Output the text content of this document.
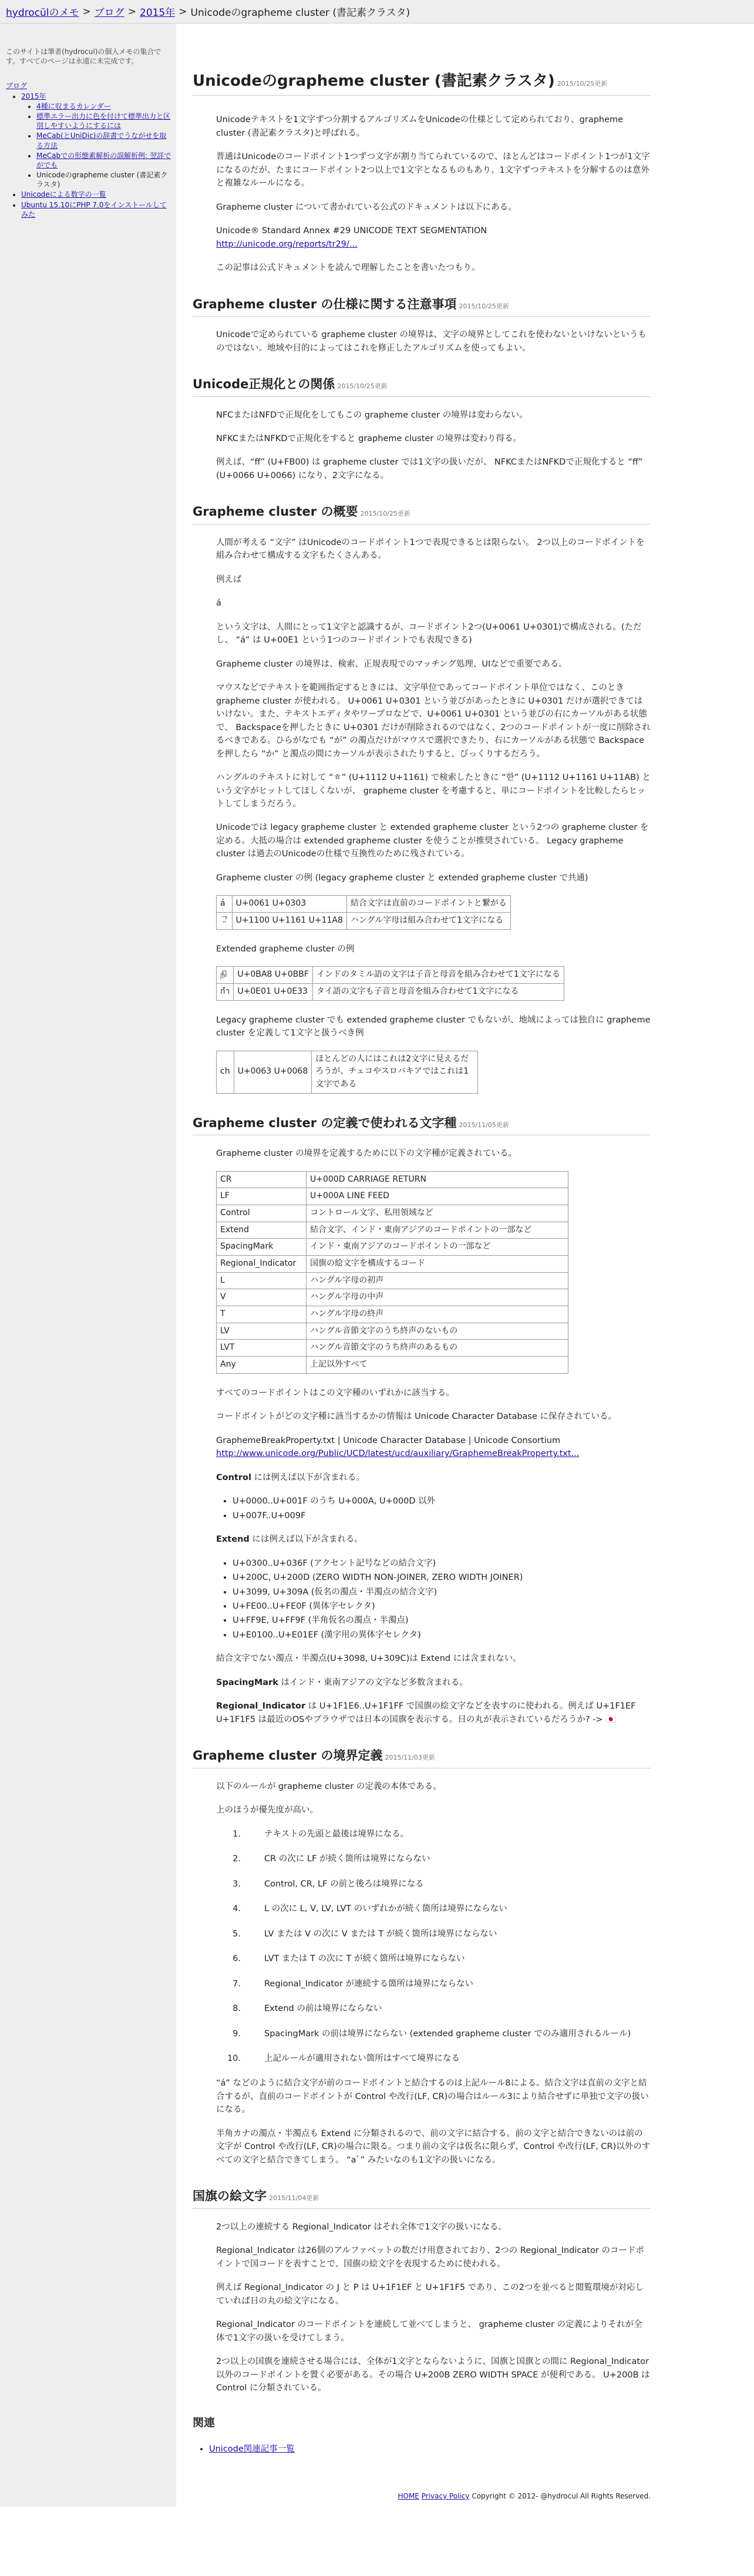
hydrocülのメモ > ブログ > 2015年 > Unicodeのgrapheme cluster (書記素クラスタ)

このサイトは筆者(hydrocul)の個人メモの集合です。すべてのページは永遠に未完成です。

ブログ
• 2015年
• 4種に収まるカレンダー
• 標準エラー出力に色を付けて標準出力と区別しやすいようにするには
• MeCab(とUniDic)の辞書でうながせを取る方法
• MeCabでの形態素解析の誤解析例: 翌詳でがでも
• Unicodeのgrapheme cluster (書記素クラスタ)
• Unicodeによる数字の一覧
• Ubuntu 15.10にPHP 7.0をインストールしてみた
Unicodeのgrapheme cluster (書記素クラスタ) 2015/10/25更新

Unicodeテキストを1文字ずつ分割するアルゴリズムをUnicodeの仕様として定められており、grapheme cluster (書記素クラスタ)と呼ばれる。

普通はUnicodeのコードポイント1つずつ文字が割り当てられているので、ほとんどはコードポイント1つが1文字になるのだが、たまにコードポイント2つ以上で1文字となるものもあり、1文字ずつテキストを分解するのは意外と複雑なルールになる。

Grapheme cluster について書かれている公式のドキュメントは以下にある。

Unicode® Standard Annex #29 UNICODE TEXT SEGMENTATION
http://unicode.org/reports/tr29/...

この記事は公式ドキュメントを読んで理解したことを書いたつもり。

Grapheme cluster の仕様に関する注意事項 2015/10/25更新

Unicodeで定められている grapheme cluster の境界は、文字の境界としてこれを使わないといけないというものではない。地域や目的によってはこれを修正したアルゴリズムを使ってもよい。

Unicode正規化との関係 2015/10/25更新

NFCまたはNFDで正規化をしてもこの grapheme cluster の境界は変わらない。

NFKCまたはNFKDで正規化をすると grapheme cluster の境界は変わり得る。

例えば、“ﬀ” (U+FB00) は grapheme cluster では1文字の扱いだが、 NFKCまたはNFKDで正規化すると “ff” (U+0066 U+0066) になり、2文字になる。

Grapheme cluster の概要 2015/10/25更新

人間が考える “文字” はUnicodeのコードポイント1つで表現できるとは限らない。 2つ以上のコードポイントを組み合わせて構成する文字もたくさんある。

例えば

á

という文字は、人間にとって1文字と認識するが、コードポイント2つ(U+0061 U+0301)で構成される。(ただし、 “á” は U+00E1 という1つのコードポイントでも表現できる)

Grapheme cluster の境界は、検索、正規表現でのマッチング処理、UIなどで重要である。

マウスなどでテキストを範囲指定するときには、文字単位であってコードポイント単位ではなく、このときgrapheme cluster が使われる。 U+0061 U+0301 という並びがあったときに U+0301 だけが選択できてはいけない。また、テキストエディタやワープロなどで、U+0061 U+0301 という並びの右にカーソルがある状態で、 Backspaceを押したときに U+0301 だけが削除されるのではなく、2つのコードポイントが一度に削除されるべきである。ひらがなでも “が” の濁点だけがマウスで選択できたり、右にカーソルがある状態で Backspaceを押したら “か” と濁点の間にカーソルが表示されたりすると、びっくりするだろう。

ハングルのテキストに対して “ㅎ” (U+1112 U+1161) で検索したときに “한” (U+1112 U+1161 U+11AB) という文字がヒットしてほしくないが、 grapheme cluster を考慮すると、単にコードポイントを比較したらヒットしてしまうだろう。

Unicodeでは legacy grapheme cluster と extended grapheme cluster という2つの grapheme cluster を定める。大抵の場合は extended grapheme cluster を使うことが推奨されている。 Legacy grapheme cluster は過去のUnicodeの仕様で互換性のために残されている。

Grapheme cluster の例 (legacy grapheme cluster と extended grapheme cluster で共通)

á	U+0061 U+0303	結合文字は直前のコードポイントと繋がる
ᄀᆢ	U+1100 U+1161 U+11A8	ハングル字母は組み合わせて1文字になる

Extended grapheme cluster の例

நி	U+0BA8 U+0BBF	インドのタミル語の文字は子音と母音を組み合わせて1文字になる
กำ	U+0E01 U+0E33	タイ語の文字も子音と母音を組み合わせて1文字になる

Legacy grapheme cluster でも extended grapheme cluster でもないが、地域によっては独自に grapheme cluster を定義して1文字と扱うべき例

ch	U+0063 U+0068	ほとんどの人にはこれは2文字に見えるだろうが、チェコやスロバキアではこれは1文字である
Grapheme cluster の定義で使われる文字種 2015/11/05更新

Grapheme cluster の境界を定義するために以下の文字種が定義されている。

CR	U+000D CARRIAGE RETURN
LF	U+000A LINE FEED
Control	コントロール文字、私用領域など
Extend	結合文字、インド・東南アジアのコードポイントの一部など
SpacingMark	インド・東南アジアのコードポイントの一部など
Regional_Indicator	国旗の絵文字を構成するコード
L	ハングル字母の初声
V	ハングル字母の中声
T	ハングル字母の終声
LV	ハングル音節文字のうち終声のないもの
LVT	ハングル音節文字のうち終声のあるもの
Any	上記以外すべて

すべてのコードポイントはこの文字種のいずれかに該当する。

コードポイントがどの文字種に該当するかの情報は Unicode Character Database に保存されている。

GraphemeBreakProperty.txt | Unicode Character Database | Unicode Consortium
http://www.unicode.org/Public/UCD/latest/ucd/auxiliary/GraphemeBreakProperty.txt...

Control には例えば以下が含まれる。

• U+0000..U+001F のうち U+000A, U+000D 以外
• U+007F..U+009F

Extend には例えば以下が含まれる。

• U+0300..U+036F (アクセント記号などの結合文字)
• U+200C, U+200D (ZERO WIDTH NON-JOINER, ZERO WIDTH JOINER)
• U+3099, U+309A (仮名の濁点・半濁点の結合文字)
• U+FE00..U+FE0F (異体字セレクタ)
• U+FF9E, U+FF9F (半角仮名の濁点・半濁点)
• U+E0100..U+E01EF (漢字用の異体字セレクタ)

結合文字でない濁点・半濁点(U+3098, U+309C)は Extend には含まれない。

SpacingMark はインド・東南アジアの文字など多数含まれる。

Regional_Indicator は U+1F1E6..U+1F1FF で国旗の絵文字などを表すのに使われる。例えば U+1F1EF U+1F1F5 は最近のOSやブラウザでは日本の国旗を表示する。日の丸が表示されているだろうか? -> 🇯🇵

Grapheme cluster の境界定義 2015/11/03更新

以下のルールが grapheme cluster の定義の本体である。

上のほうが優先度が高い。

1.	テキストの先頭と最後は境界になる。
2.	CR の次に LF が続く箇所は境界にならない
3.	Control, CR, LF の前と後ろは境界になる
4.	L の次に L, V, LV, LVT のいずれかが続く箇所は境界にならない
5.	LV または V の次に V または T が続く箇所は境界にならない
6.	LVT または T の次に T が続く箇所は境界にならない
7.	Regional_Indicator が連続する箇所は境界にならない
8.	Extend の前は境界にならない
9.	SpacingMark の前は境界にならない (extended grapheme cluster でのみ適用されるルール)
10.	上記ルールが適用されない箇所はすべて境界になる

“á” などのように結合文字が前のコードポイントと結合するのは上記ルール8による。結合文字は直前の文字と結合するが、直前のコードポイントが Control や改行(LF, CR)の場合はルール3により結合せずに単独で文字の扱いになる。

半角カナの濁点・半濁点も Extend に分類されるので、前の文字に結合する。前の文字と結合できないのは前の文字が Control や改行(LF, CR)の場合に限る。つまり前の文字は仮名に限らず、Control や改行(LF, CR)以外のすべての文字と結合できてしまう。 “aﾞ” みたいなのも1文字の扱いになる。

国旗の絵文字 2015/11/04更新

2つ以上の連続する Regional_Indicator はそれ全体で1文字の扱いになる。

Regional_Indicator は26個のアルファベットの数だけ用意されており、2つの Regional_Indicator のコードポイントで国コードを表すことで、国旗の絵文字を表現するために使われる。

例えば Regional_Indicator の J と P は U+1F1EF と U+1F1F5 であり、この2つを並べると閲覧環境が対応していれば日の丸の絵文字になる。

Regional_Indicator のコードポイントを連続して並べてしまうと、 grapheme cluster の定義によりそれが全体で1文字の扱いを受けてしまう。

2つ以上の国旗を連続させる場合には、全体が1文字とならないように、国旗と国旗との間に Regional_Indicator 以外のコードポイントを置く必要がある。その場合 U+200B ZERO WIDTH SPACE が便利である。 U+200B は Control に分類されている。

関連
• Unicode関連記事一覧
HOME Privacy Policy Copyright © 2012- @hydrocul All Rights Reserved.
